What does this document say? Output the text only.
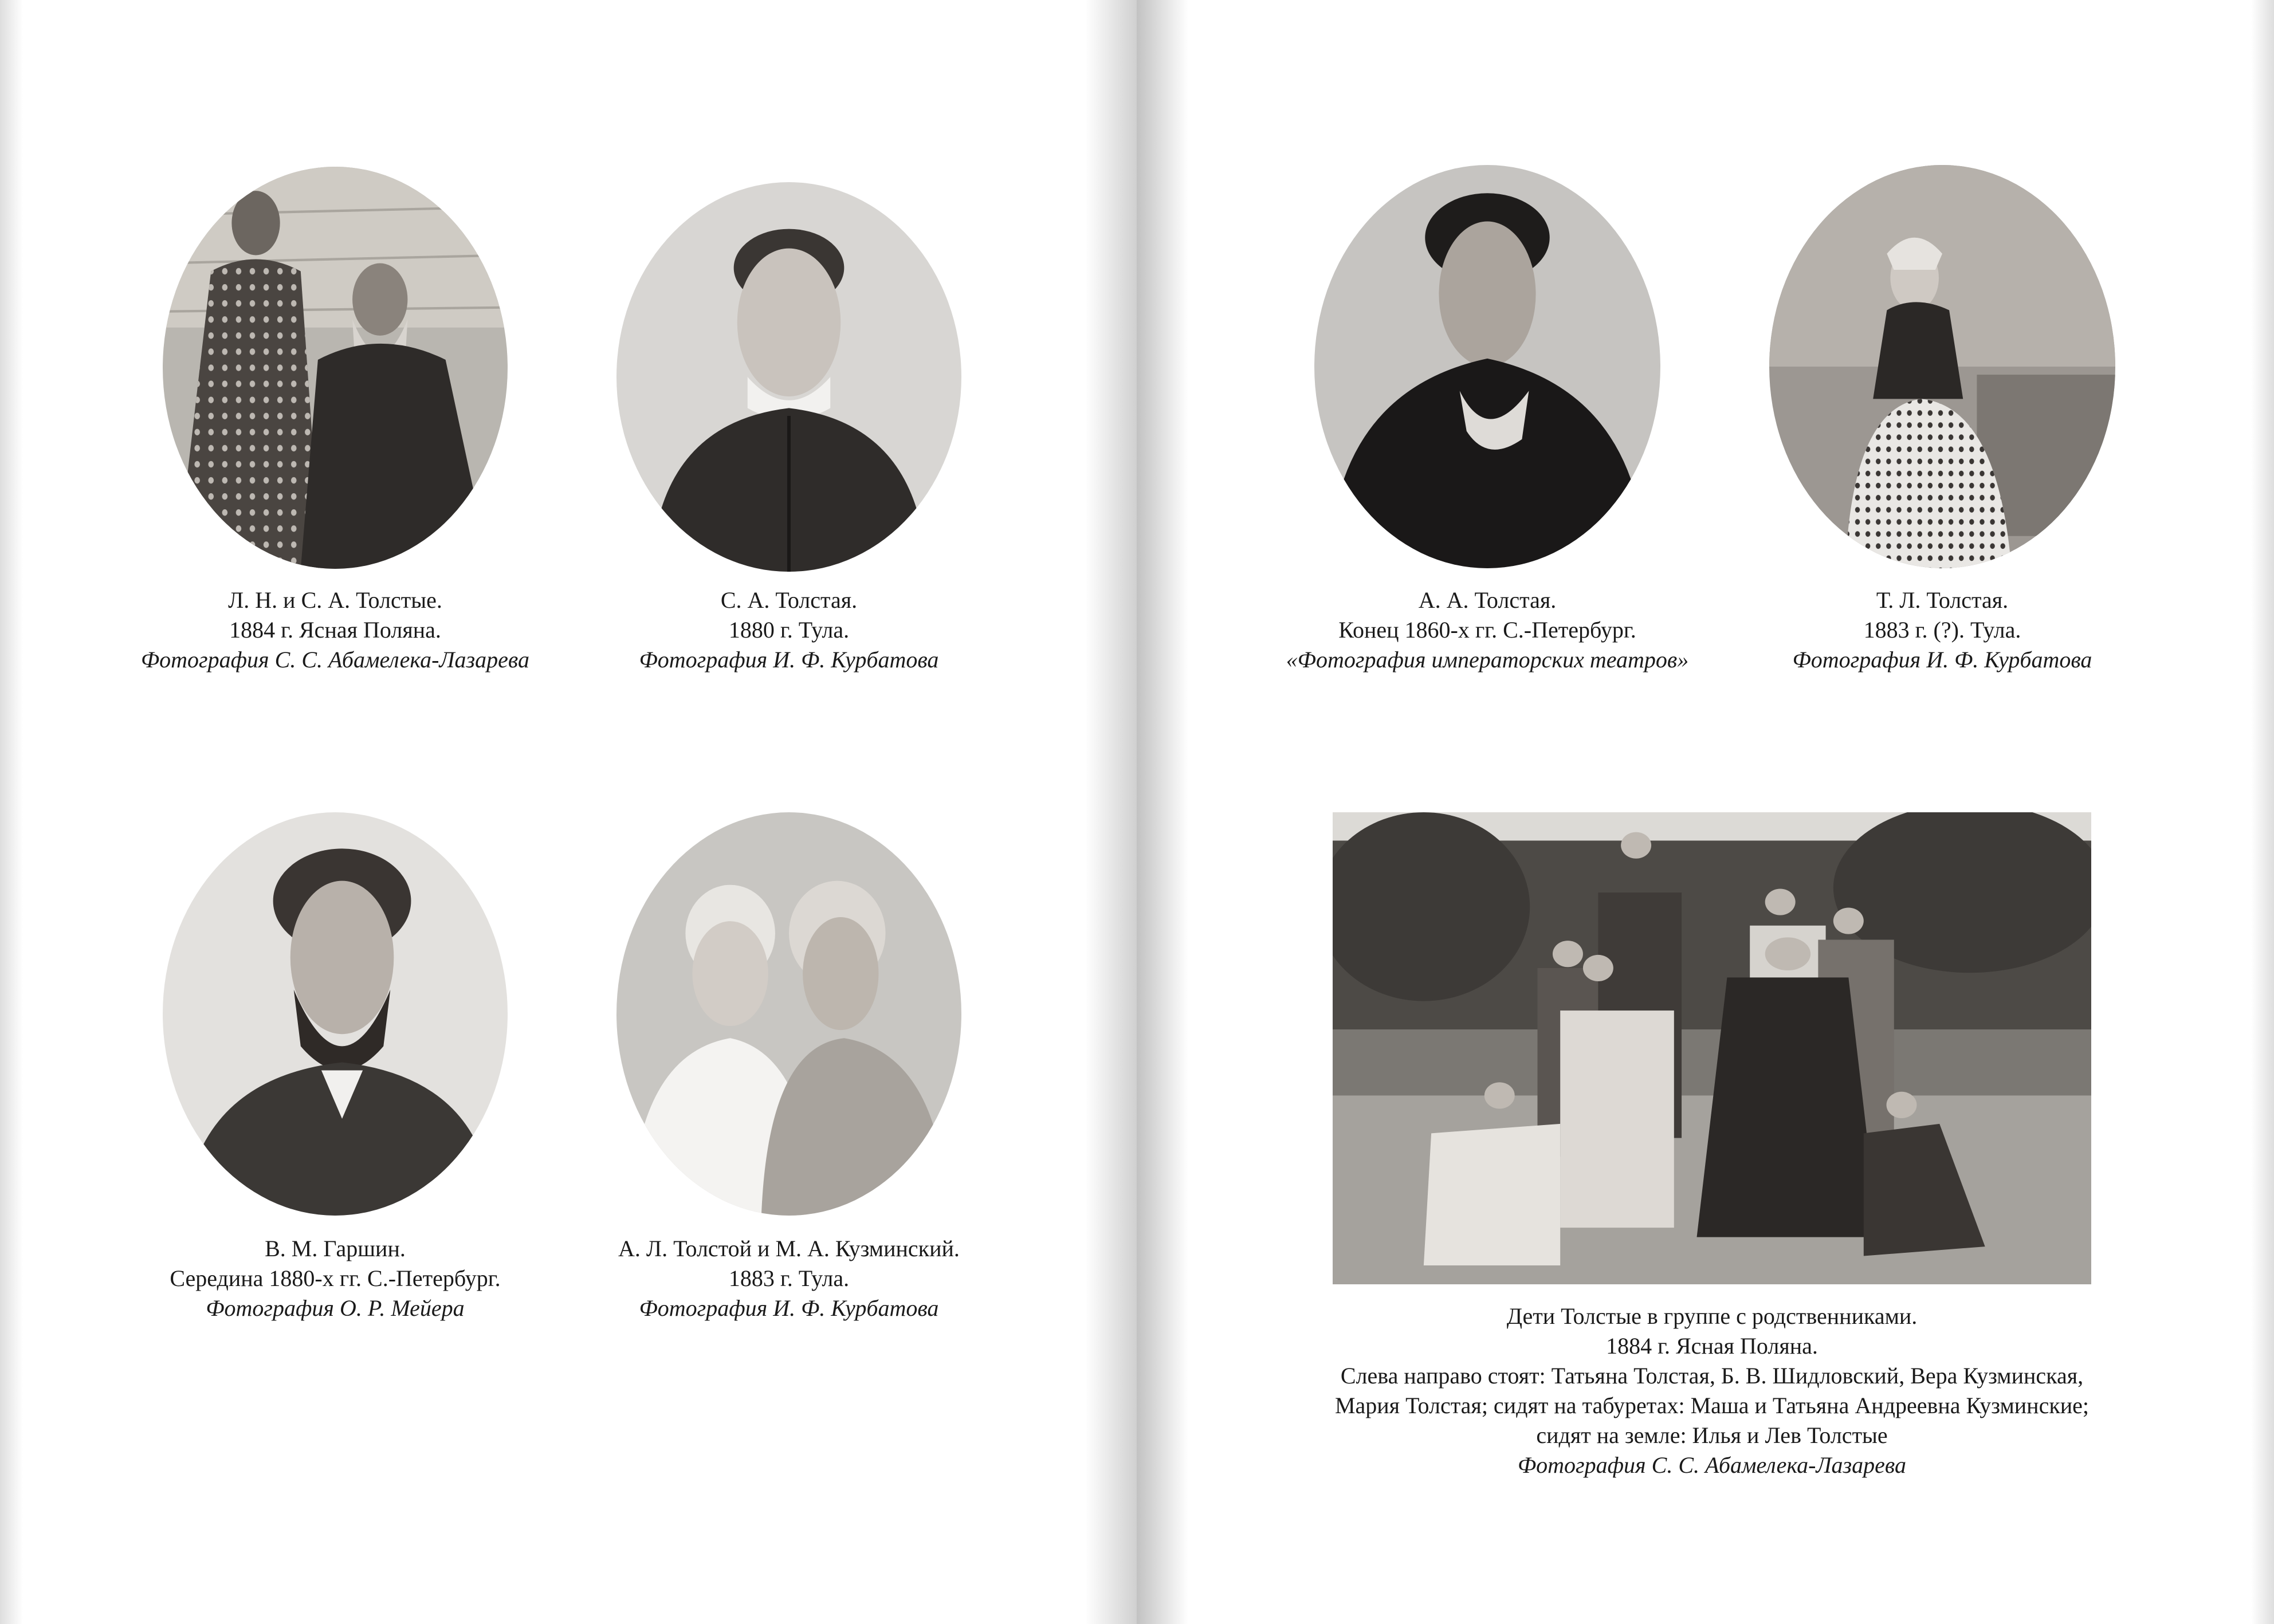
Л. Н. и С. А. Толстые.
1884 г. Ясная Поляна.
Фотография С. С. Абамелека-Лазарева
С. А. Толстая.
1880 г. Тула.
Фотография И. Ф. Курбатова
В. М. Гаршин.
Середина 1880-х гг. С.-Петербург.
Фотография О. Р. Мейера
А. Л. Толстой и М. А. Кузминский.
1883 г. Тула.
Фотография И. Ф. Курбатова
А. А. Толстая.
Конец 1860-х гг. С.-Петербург.
«Фотография императорских театров»
Т. Л. Толстая.
1883 г. (?). Тула.
Фотография И. Ф. Курбатова
Дети Толстые в группе с родственниками.
1884 г. Ясная Поляна.
Слева направо стоят: Татьяна Толстая, Б. В. Шидловский, Вера Кузминская,
Мария Толстая; сидят на табуретах: Маша и Татьяна Андреевна Кузминские;
сидят на земле: Илья и Лев Толстые
Фотография С. С. Абамелека-Лазарева
